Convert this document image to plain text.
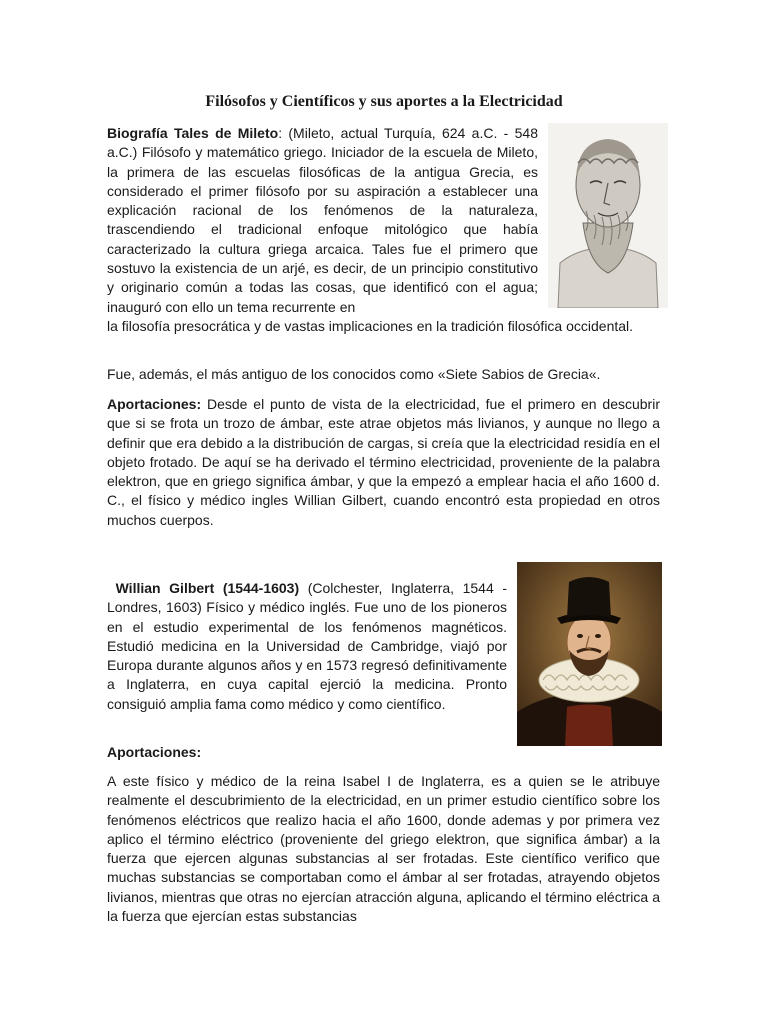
Filósofos y Científicos y sus aportes a la Electricidad

Biografía Tales de Mileto: (Mileto, actual Turquía, 624 a.C. - 548 a.C.) Filósofo y matemático griego. Iniciador de la escuela de Mileto, la primera de las escuelas filosóficas de la antigua Grecia, es considerado el primer filósofo por su aspiración a establecer una explicación racional de los fenómenos de la naturaleza, trascendiendo el tradicional enfoque mitológico que había caracterizado la cultura griega arcaica. Tales fue el primero que sostuvo la existencia de un arjé, es decir, de un principio constitutivo y originario común a todas las cosas, que identificó con el agua; inauguró con ello un tema recurrente en

la filosofía presocrática y de vastas implicaciones en la tradición filosófica occidental.

Fue, además, el más antiguo de los conocidos como «Siete Sabios de Grecia«.

Aportaciones: Desde el punto de vista de la electricidad, fue el primero en descubrir que si se frota un trozo de ámbar, este atrae objetos más livianos, y aunque no llego a definir que era debido a la distribución de cargas, si creía que la electricidad residía en el objeto frotado. De aquí se ha derivado el término electricidad, proveniente de la palabra elektron, que en griego significa ámbar, y que la empezó a emplear hacia el año 1600 d. C., el físico y médico ingles Willian Gilbert, cuando encontró esta propiedad en otros muchos cuerpos.

Willian Gilbert (1544-1603) (Colchester, Inglaterra, 1544 - Londres, 1603) Físico y médico inglés. Fue uno de los pioneros en el estudio experimental de los fenómenos magnéticos. Estudió medicina en la Universidad de Cambridge, viajó por Europa durante algunos años y en 1573 regresó definitivamente a Inglaterra, en cuya capital ejerció la medicina. Pronto consiguió amplia fama como médico y como científico.

Aportaciones:

A este físico y médico de la reina Isabel I de Inglaterra, es a quien se le atribuye realmente el descubrimiento de la electricidad, en un primer estudio científico sobre los fenómenos eléctricos que realizo hacia el año 1600, donde ademas y por primera vez aplico el término eléctrico (proveniente del griego elektron, que significa ámbar) a la fuerza que ejercen algunas substancias al ser frotadas. Este científico verifico que muchas substancias se comportaban como el ámbar al ser frotadas, atrayendo objetos livianos, mientras que otras no ejercían atracción alguna, aplicando el término eléctrica a la fuerza que ejercían estas substancias
